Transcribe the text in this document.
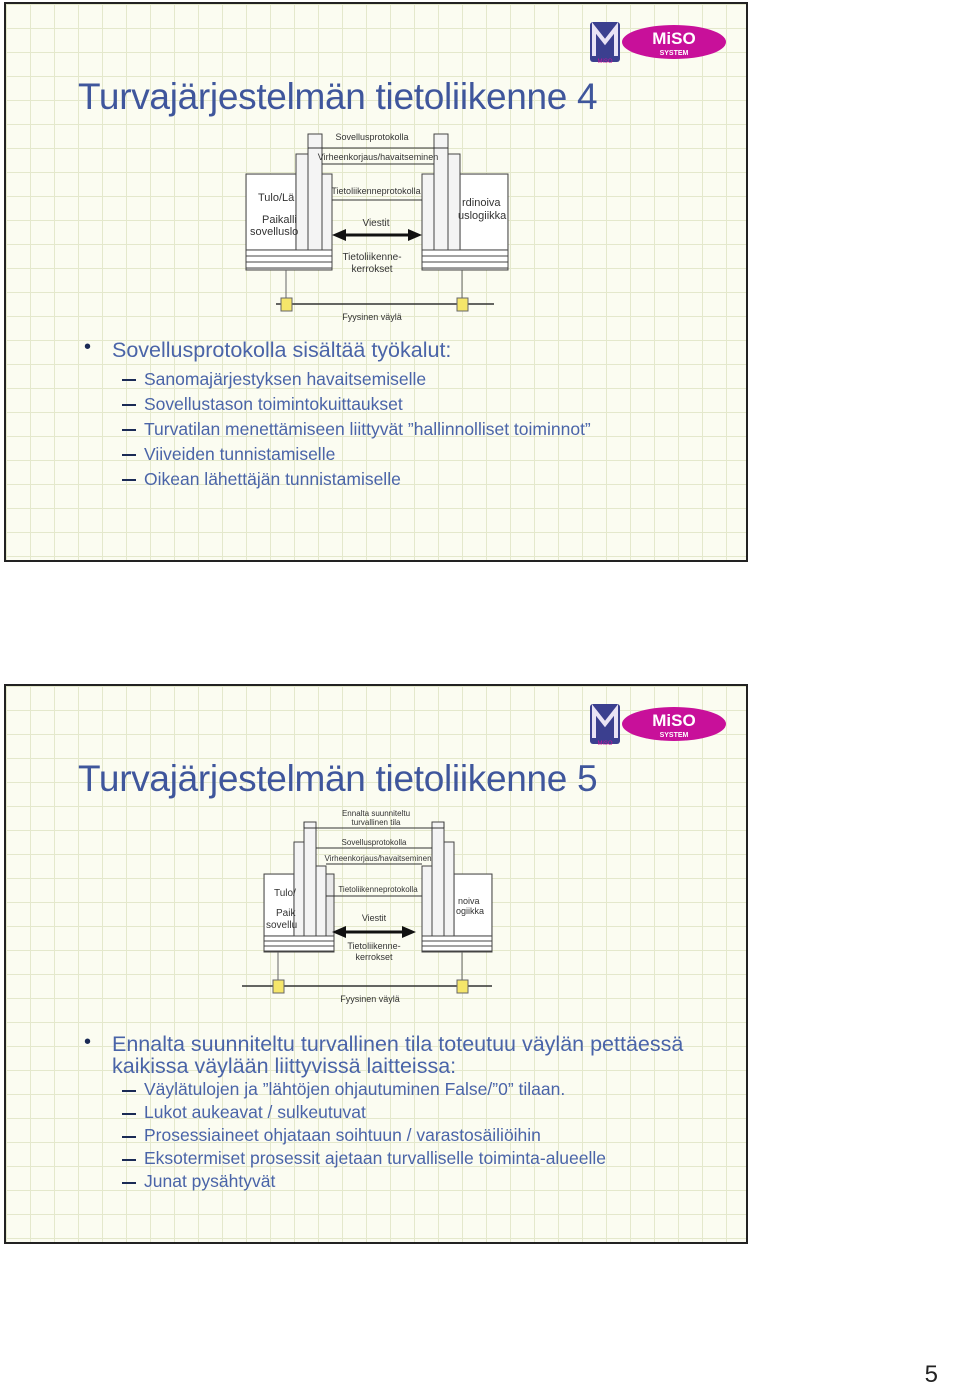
MiSO
SYSTEM
MiSO
Turvajärjestelmän tietoliikenne 4
Sovellusprotokolla
Virheenkorjaus/havaitseminen
Tulo/Lä
Paikalli
sovelluslo
Tietoliikenneprotokolla
Viestit
rdinoiva
uslogiikka
Tietoliikenne-
kerrokset
Fyysinen väylä
• Sovellusprotokolla sisältää työkalut:
Sanomajärjestyksen havaitsemiselle
Sovellustason toimintokuittaukset
Turvatilan menettämiseen liittyvät ”hallinnolliset toiminnot”
Viiveiden tunnistamiselle
Oikean lähettäjän tunnistamiselle
MiSO
SYSTEM
MiSO
Turvajärjestelmän tietoliikenne 5
Ennalta suunniteltu
turvallinen tila
Sovellusprotokolla
Virheenkorjaus/havaitseminen
Tulo/
Paik
sovellu
Tietoliikenneprotokolla
Viestit
noiva
ogiikka
Tietoliikenne-
kerrokset
Fyysinen väylä
• Ennalta suunniteltu turvallinen tila toteutuu väylän pettäessä
kaikissa väylään liittyvissä laitteissa:
Väylätulojen ja ”lähtöjen ohjautuminen False/”0” tilaan.
Lukot aukeavat / sulkeutuvat
Prosessiaineet ohjataan soihtuun / varastosäiliöihin
Eksotermiset prosessit ajetaan turvalliselle toiminta-alueelle
Junat pysähtyvät
5
